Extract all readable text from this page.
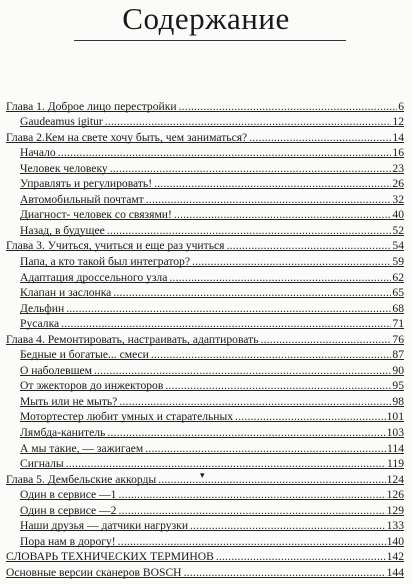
Содержание
Глава 1. Доброе лицо перестройки .....	6
Gaudeamus igitur .....	12
Глава 2.Кем на свете хочу быть, чем заниматься? .....	14
Начало .....	16
Человек человеку .....	23
Управлять и регулировать! .....	26
Автомобильный почтамт .....	32
Диагност- человек со связями! .....	40
Назад, в будущее .....	52
Глава 3. Учиться, учиться и еще раз учиться .....	54
Папа, а кто такой был интегратор? .....	59
Адаптация дроссельного узла .....	62
Клапан и заслонка .....	65
Дельфин .....	68
Русалка .....	71
Глава 4. Ремонтировать, настраивать, адаптировать .....	76
Бедные и богатые... смеси .....	87
О наболевшем .....	90
От эжекторов до инжекторов .....	95
Мыть или не мыть? .....	98
Мотортестер любит умных и старательных .....	101
Лямбда-канитель .....	103
А мы такие, — зажигаем .....	114
Сигналы .....	119
Глава 5. Дембельские аккорды .....	124
Один в сервисе —1 .....	126
Один в сервисе —2 .....	129
Наши друзья — датчики нагрузки .....	133
Пора нам в дорогу! .....	140
СЛОВАРЬ ТЕХНИЧЕСКИХ ТЕРМИНОВ .....	142
Основные версии сканеров BOSCH .....	144
▾
